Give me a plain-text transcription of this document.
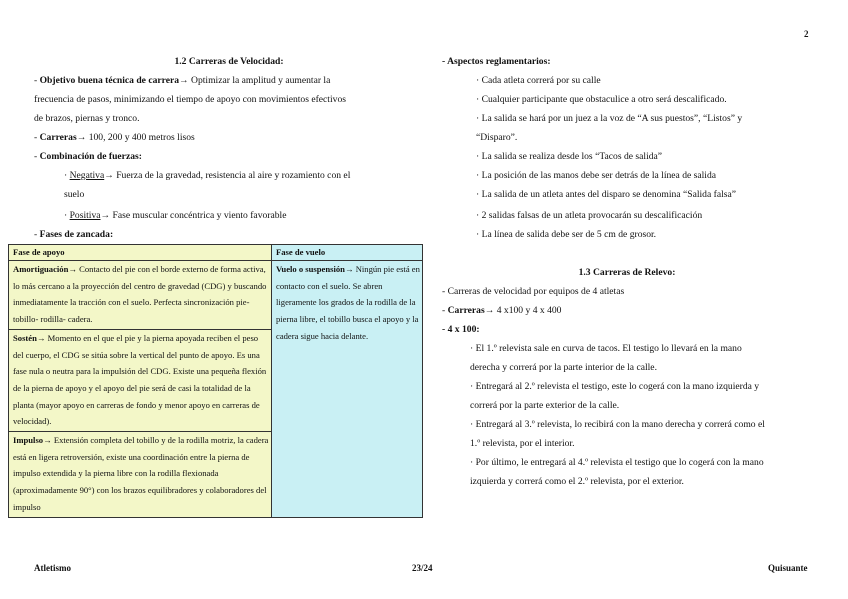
2
1.2 Carreras de Velocidad:
- Objetivo buena técnica de carrera→ Optimizar la amplitud y aumentar la
frecuencia de pasos, minimizando el tiempo de apoyo con movimientos efectivos
de brazos, piernas y tronco.
- Carreras→ 100, 200 y 400 metros lisos
- Combinación de fuerzas:
· Negativa→ Fuerza de la gravedad, resistencia al aire y rozamiento con el
suelo
· Positiva→ Fase muscular concéntrica y viento favorable
- Fases de zancada:
Fase de apoyo	Fase de vuelo
Amortiguación→ Contacto del pie con el borde externo de forma activa, lo más cercano a la proyección del centro de gravedad (CDG) y buscando inmediatamente la tracción con el suelo. Perfecta sincronización pie- tobillo- rodilla- cadera.	Vuelo o suspensión→ Ningún pie está en contacto con el suelo. Se abren ligeramente los grados de la rodilla de la pierna libre, el tobillo busca el apoyo y la cadera sigue hacia delante.
Sostén→ Momento en el que el pie y la pierna apoyada reciben el peso del cuerpo, el CDG se sitúa sobre la vertical del punto de apoyo. Es una fase nula o neutra para la impulsión del CDG. Existe una pequeña flexión de la pierna de apoyo y el apoyo del pie será de casi la totalidad de la planta (mayor apoyo en carreras de fondo y menor apoyo en carreras de velocidad).	
Impulso→ Extensión completa del tobillo y de la rodilla motriz, la cadera está en ligera retroversión, existe una coordinación entre la pierna de impulso extendida y la pierna libre con la rodilla flexionada (aproximadamente 90°) con los brazos equilibradores y colaboradores del impulso	
- Aspectos reglamentarios:
· Cada atleta correrá por su calle
· Cualquier participante que obstaculice a otro será descalificado.
· La salida se hará por un juez a la voz de “A sus puestos”, “Listos” y
“Disparo”.
· La salida se realiza desde los “Tacos de salida”
· La posición de las manos debe ser detrás de la línea de salida
· La salida de un atleta antes del disparo se denomina “Salida falsa”
· 2 salidas falsas de un atleta provocarán su descalificación
· La línea de salida debe ser de 5 cm de grosor.
1.3 Carreras de Relevo:
- Carreras de velocidad por equipos de 4 atletas
- Carreras→ 4 x100 y 4 x 400
- 4 x 100:
· El 1.º relevista sale en curva de tacos. El testigo lo llevará en la mano
derecha y correrá por la parte interior de la calle.
· Entregará al 2.º relevista el testigo, este lo cogerá con la mano izquierda y
correrá por la parte exterior de la calle.
· Entregará al 3.º relevista, lo recibirá con la mano derecha y correrá como el
1.º relevista, por el interior.
· Por último, le entregará al 4.º relevista el testigo que lo cogerá con la mano
izquierda y correrá como el 2.º relevista, por el exterior.
Atletismo	23/24	Quisuante
